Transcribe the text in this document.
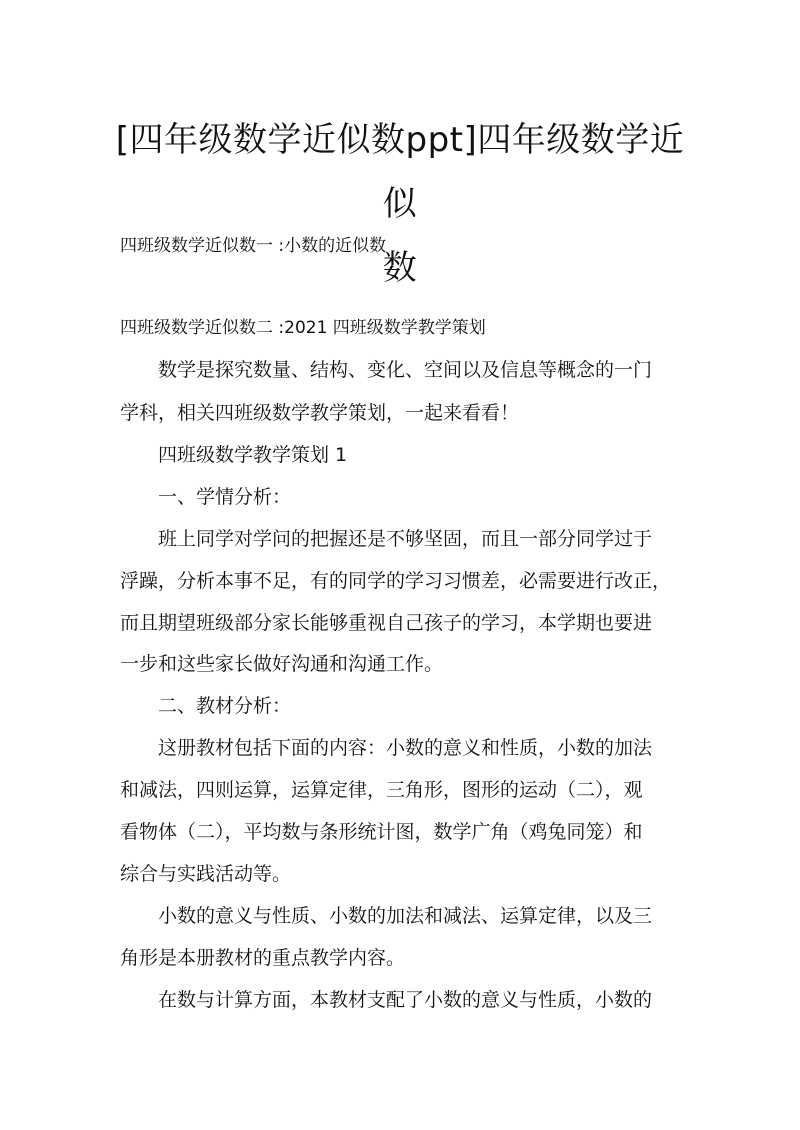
[四年级数学近似数ppt]四年级数学近似
数

四班级数学近似数一 :小数的近似数

四班级数学近似数二 :2021 四班级数学教学策划

数学是探究数量、结构、变化、空间以及信息等概念的一门

学科，相关四班级数学教学策划，一起来看看！

四班级数学教学策划 1

一、学情分析：

班上同学对学问的把握还是不够坚固，而且一部分同学过于

浮躁，分析本事不足，有的同学的学习习惯差，必需要进行改正，

而且期望班级部分家长能够重视自己孩子的学习，本学期也要进

一步和这些家长做好沟通和沟通工作。

二、教材分析：

这册教材包括下面的内容：小数的意义和性质，小数的加法

和减法，四则运算，运算定律，三角形，图形的运动（二），观

看物体（二），平均数与条形统计图，数学广角（鸡兔同笼）和

综合与实践活动等。

小数的意义与性质、小数的加法和减法、运算定律，以及三

角形是本册教材的重点教学内容。

在数与计算方面，本教材支配了小数的意义与性质，小数的
